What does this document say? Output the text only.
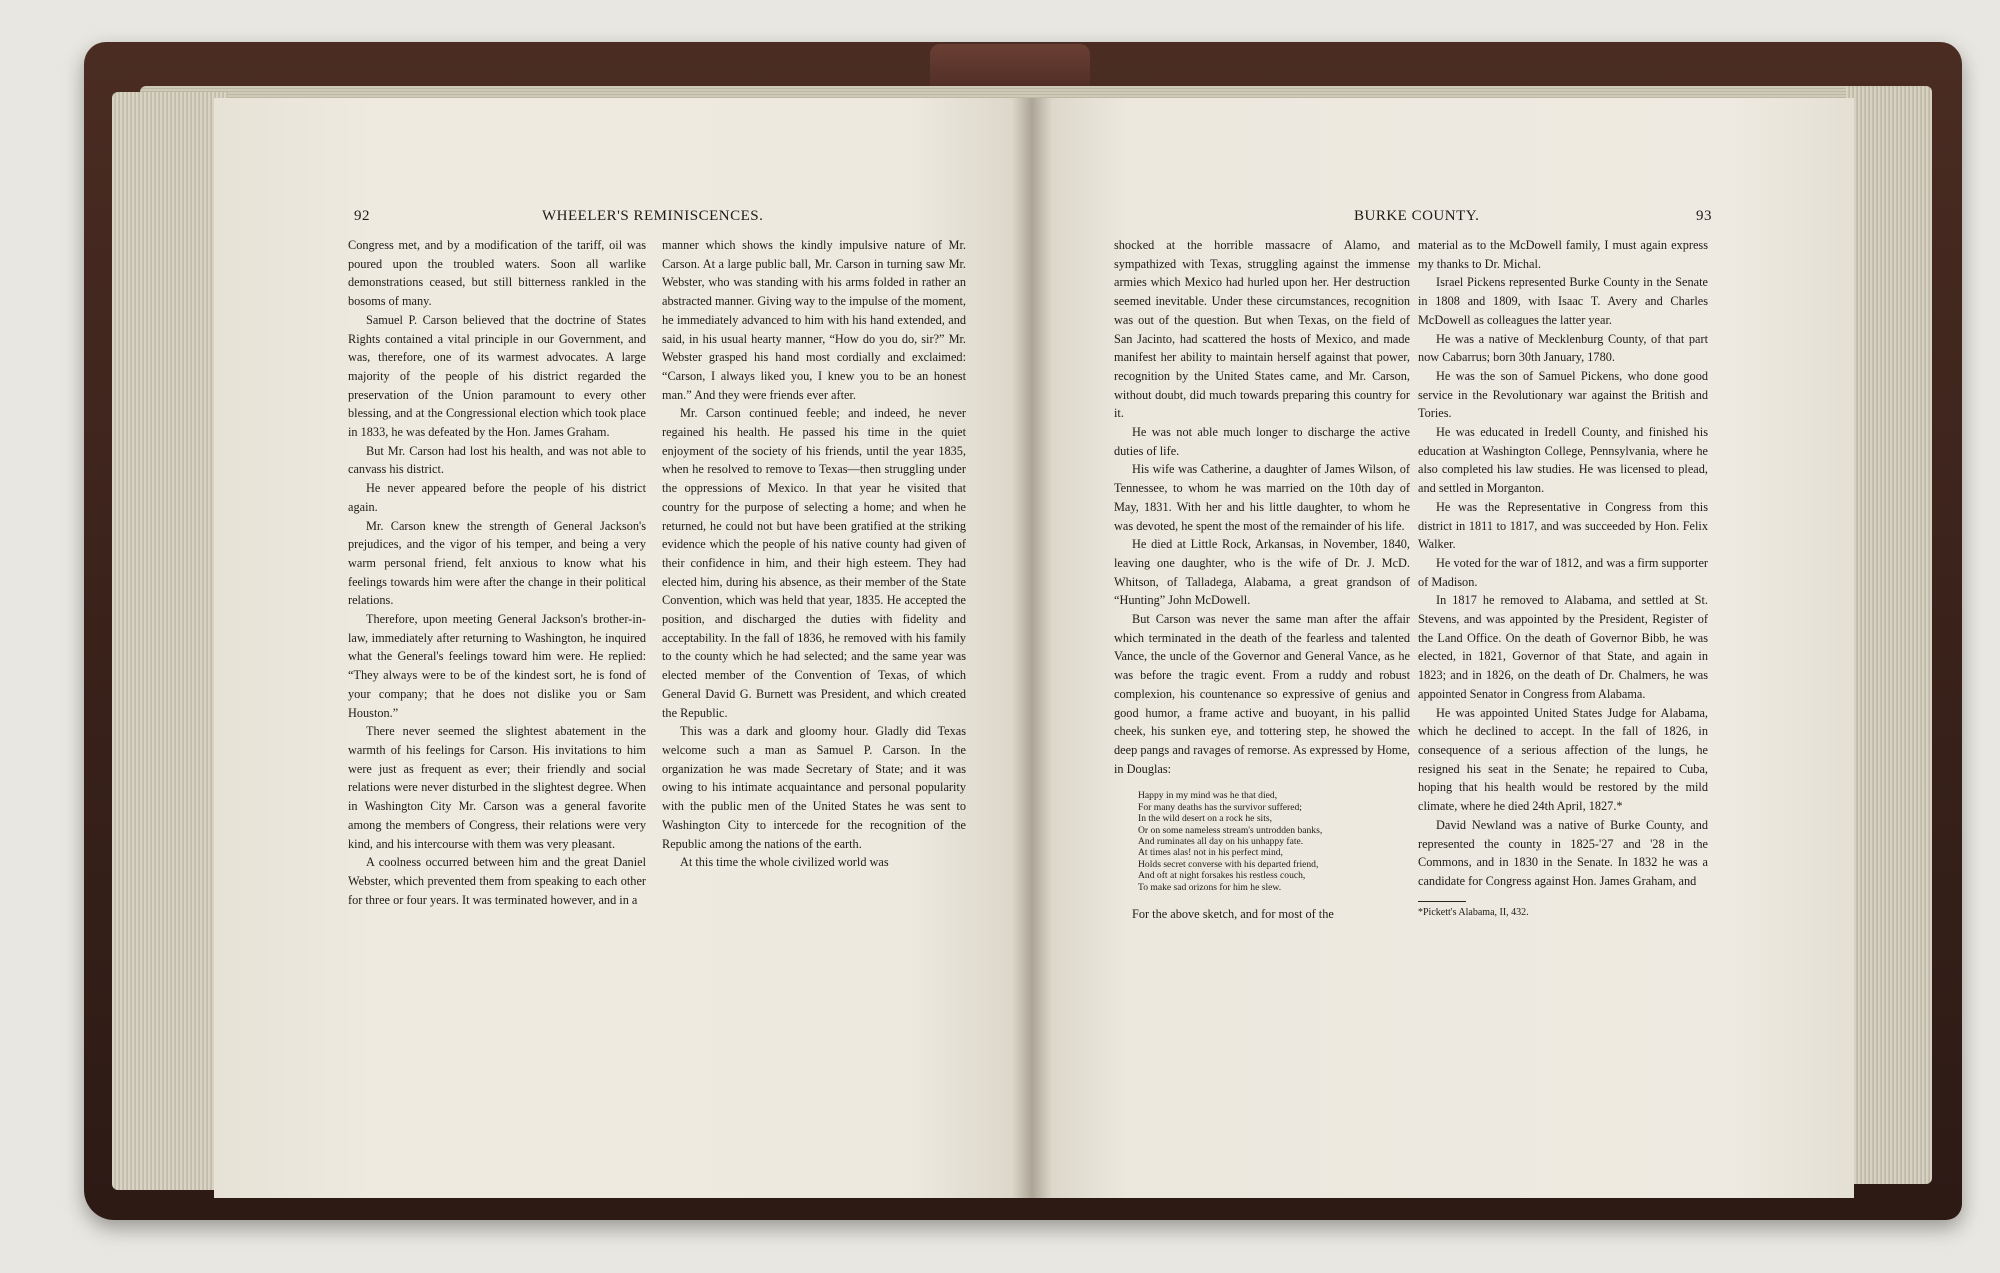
92	WHEELER'S REMINISCENCES.

Congress met, and by a modification of the tariff, oil was poured upon the troubled waters. Soon all warlike demonstrations ceased, but still bitterness rankled in the bosoms of many.

Samuel P. Carson believed that the doctrine of States Rights contained a vital principle in our Government, and was, therefore, one of its warmest advocates. A large majority of the people of his district regarded the preservation of the Union paramount to every other blessing, and at the Congressional election which took place in 1833, he was defeated by the Hon. James Graham.

But Mr. Carson had lost his health, and was not able to canvass his district.

He never appeared before the people of his district again.

Mr. Carson knew the strength of General Jackson's prejudices, and the vigor of his temper, and being a very warm personal friend, felt anxious to know what his feelings towards him were after the change in their political relations.

Therefore, upon meeting General Jackson's brother-in-law, immediately after returning to Washington, he inquired what the General's feelings toward him were. He replied: “They always were to be of the kindest sort, he is fond of your company; that he does not dislike you or Sam Houston.”

There never seemed the slightest abatement in the warmth of his feelings for Carson. His invitations to him were just as frequent as ever; their friendly and social relations were never disturbed in the slightest degree. When in Washington City Mr. Carson was a general favorite among the members of Congress, their relations were very kind, and his intercourse with them was very pleasant.

A coolness occurred between him and the great Daniel Webster, which prevented them from speaking to each other for three or four years. It was terminated however, and in a

manner which shows the kindly impulsive nature of Mr. Carson. At a large public ball, Mr. Carson in turning saw Mr. Webster, who was standing with his arms folded in rather an abstracted manner. Giving way to the impulse of the moment, he immediately advanced to him with his hand extended, and said, in his usual hearty manner, “How do you do, sir?” Mr. Webster grasped his hand most cordially and exclaimed: “Carson, I always liked you, I knew you to be an honest man.” And they were friends ever after.

Mr. Carson continued feeble; and indeed, he never regained his health. He passed his time in the quiet enjoyment of the society of his friends, until the year 1835, when he resolved to remove to Texas—then struggling under the oppressions of Mexico. In that year he visited that country for the purpose of selecting a home; and when he returned, he could not but have been gratified at the striking evidence which the people of his native county had given of their confidence in him, and their high esteem. They had elected him, during his absence, as their member of the State Convention, which was held that year, 1835. He accepted the position, and discharged the duties with fidelity and acceptability. In the fall of 1836, he removed with his family to the county which he had selected; and the same year was elected member of the Convention of Texas, of which General David G. Burnett was President, and which created the Republic.

This was a dark and gloomy hour. Gladly did Texas welcome such a man as Samuel P. Carson. In the organization he was made Secretary of State; and it was owing to his intimate acquaintance and personal popularity with the public men of the United States he was sent to Washington City to intercede for the recognition of the Republic among the nations of the earth.

At this time the whole civilized world was

BURKE COUNTY.	93

shocked at the horrible massacre of Alamo, and sympathized with Texas, struggling against the immense armies which Mexico had hurled upon her. Her destruction seemed inevitable. Under these circumstances, recognition was out of the question. But when Texas, on the field of San Jacinto, had scattered the hosts of Mexico, and made manifest her ability to maintain herself against that power, recognition by the United States came, and Mr. Carson, without doubt, did much towards preparing this country for it.

He was not able much longer to discharge the active duties of life.

His wife was Catherine, a daughter of James Wilson, of Tennessee, to whom he was married on the 10th day of May, 1831. With her and his little daughter, to whom he was devoted, he spent the most of the remainder of his life.

He died at Little Rock, Arkansas, in November, 1840, leaving one daughter, who is the wife of Dr. J. McD. Whitson, of Talladega, Alabama, a great grandson of “Hunting” John McDowell.

But Carson was never the same man after the affair which terminated in the death of the fearless and talented Vance, the uncle of the Governor and General Vance, as he was before the tragic event. From a ruddy and robust complexion, his countenance so expressive of genius and good humor, a frame active and buoyant, in his pallid cheek, his sunken eye, and tottering step, he showed the deep pangs and ravages of remorse. As expressed by Home, in Douglas:

Happy in my mind was he that died,
For many deaths has the survivor suffered;
In the wild desert on a rock he sits,
Or on some nameless stream's untrodden banks,
And ruminates all day on his unhappy fate.
At times alas! not in his perfect mind,
Holds secret converse with his departed friend,
And oft at night forsakes his restless couch,
To make sad orizons for him he slew.

For the above sketch, and for most of the

material as to the McDowell family, I must again express my thanks to Dr. Michal.

Israel Pickens represented Burke County in the Senate in 1808 and 1809, with Isaac T. Avery and Charles McDowell as colleagues the latter year.

He was a native of Mecklenburg County, of that part now Cabarrus; born 30th January, 1780.

He was the son of Samuel Pickens, who done good service in the Revolutionary war against the British and Tories.

He was educated in Iredell County, and finished his education at Washington College, Pennsylvania, where he also completed his law studies. He was licensed to plead, and settled in Morganton.

He was the Representative in Congress from this district in 1811 to 1817, and was succeeded by Hon. Felix Walker.

He voted for the war of 1812, and was a firm supporter of Madison.

In 1817 he removed to Alabama, and settled at St. Stevens, and was appointed by the President, Register of the Land Office. On the death of Governor Bibb, he was elected, in 1821, Governor of that State, and again in 1823; and in 1826, on the death of Dr. Chalmers, he was appointed Senator in Congress from Alabama.

He was appointed United States Judge for Alabama, which he declined to accept. In the fall of 1826, in consequence of a serious affection of the lungs, he resigned his seat in the Senate; he repaired to Cuba, hoping that his health would be restored by the mild climate, where he died 24th April, 1827.*

David Newland was a native of Burke County, and represented the county in 1825-'27 and '28 in the Commons, and in 1830 in the Senate. In 1832 he was a candidate for Congress against Hon. James Graham, and

*Pickett's Alabama, II, 432.
